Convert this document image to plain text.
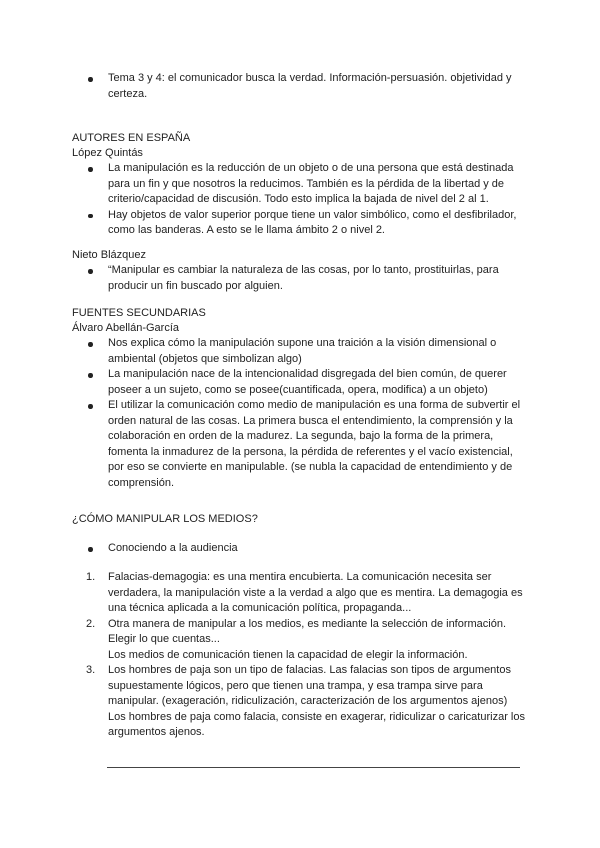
Tema 3 y 4: el comunicador busca la verdad. Información-persuasión. objetividad y certeza.
AUTORES EN ESPAÑA

López Quintás

La manipulación es la reducción de un objeto o de una persona que está destinada para un fin y que nosotros la reducimos. También es la pérdida de la libertad y de criterio/capacidad de discusión. Todo esto implica la bajada de nivel del 2 al 1.
Hay objetos de valor superior porque tiene un valor simbólico, como el desfibrilador, como las banderas. A esto se le llama ámbito 2 o nivel 2.

Nieto Blázquez

“Manipular es cambiar la naturaleza de las cosas, por lo tanto, prostituirlas, para producir un fin buscado por alguien.
FUENTES SECUNDARIAS

Álvaro Abellán-García

Nos explica cómo la manipulación supone una traición a la visión dimensional o ambiental (objetos que simbolizan algo)
La manipulación nace de la intencionalidad disgregada del bien común, de querer poseer a un sujeto, como se posee(cuantificada, opera, modifica) a un objeto)
El utilizar la comunicación como medio de manipulación es una forma de subvertir el orden natural de las cosas. La primera busca el entendimiento, la comprensión y la colaboración en orden de la madurez. La segunda, bajo la forma de la primera, fomenta la inmadurez de la persona, la pérdida de referentes y el vacío existencial, por eso se convierte en manipulable. (se nubla la capacidad de entendimiento y de comprensión.
¿CÓMO MANIPULAR LOS MEDIOS?
Conociendo a la audiencia
1. Falacias-demagogia: es una mentira encubierta. La comunicación necesita ser verdadera, la manipulación viste a la verdad a algo que es mentira. La demagogia es una técnica aplicada a la comunicación política, propaganda...
2. Otra manera de manipular a los medios, es mediante la selección de información. Elegir lo que cuentas...
Los medios de comunicación tienen la capacidad de elegir la información.
3. Los hombres de paja son un tipo de falacias. Las falacias son tipos de argumentos supuestamente lógicos, pero que tienen una trampa, y esa trampa sirve para manipular. (exageración, ridiculización, caracterización de los argumentos ajenos)
Los hombres de paja como falacia, consiste en exagerar, ridiculizar o caricaturizar los argumentos ajenos.
